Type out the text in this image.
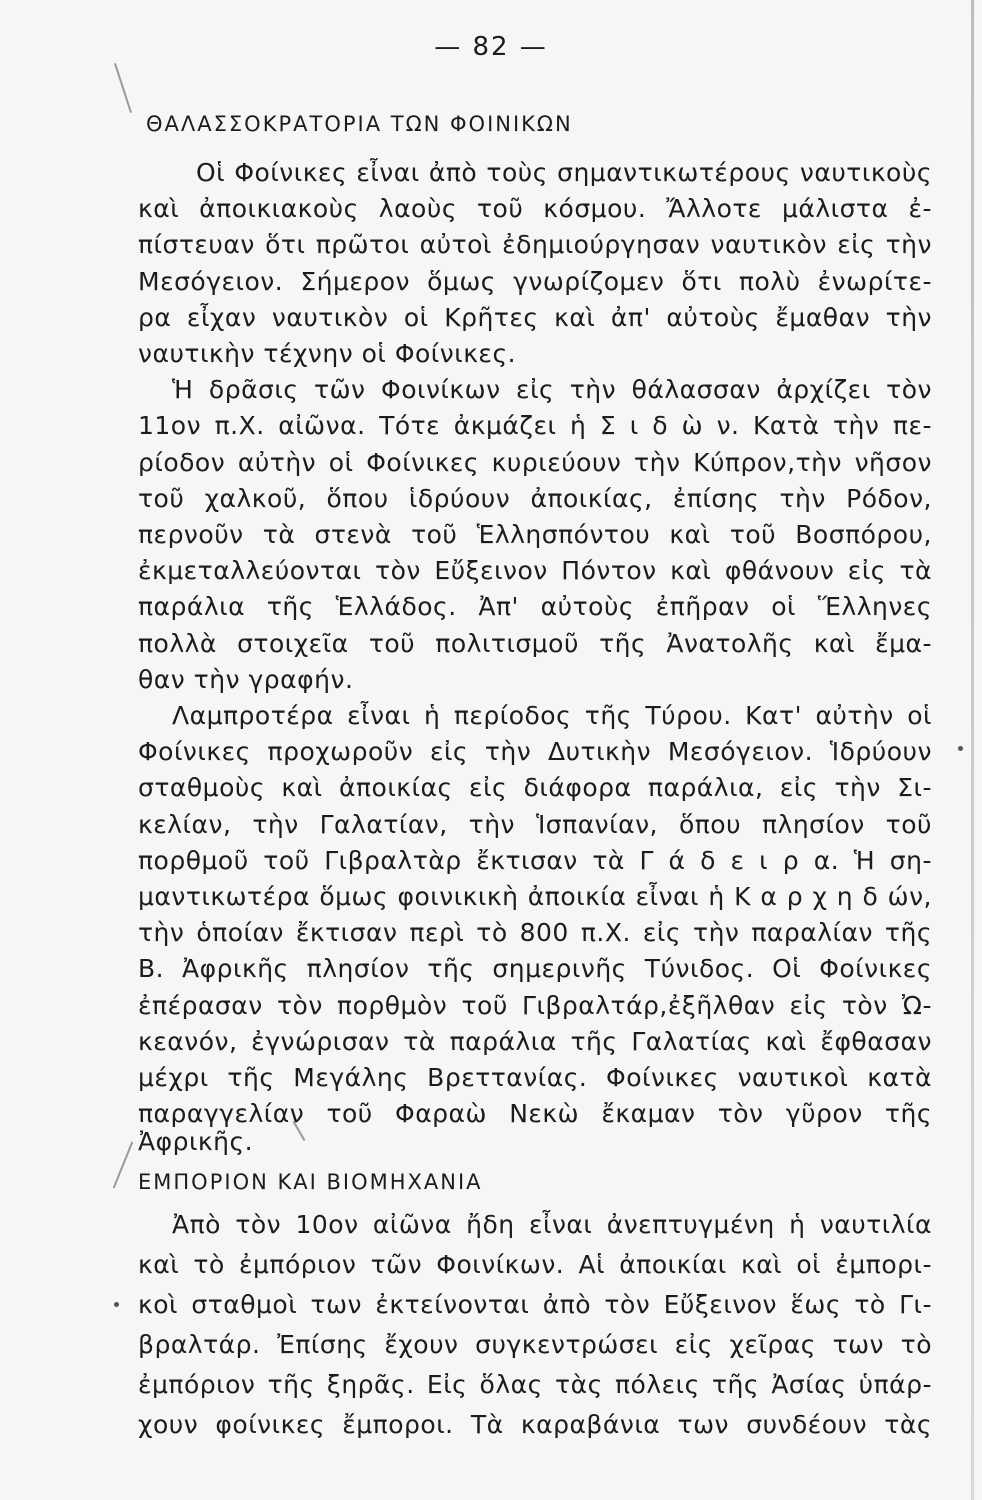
— 82 —
ΘΑΛΑΣΣΟΚΡΑΤΟΡΙΑ ΤΩΝ ΦΟΙΝΙΚΩΝ
Οἱ Φοίνικες εἶναι ἀπὸ τοὺς σημαντικωτέρους ναυτικοὺς
καὶ ἀποικιακοὺς λαοὺς τοῦ κόσμου. Ἄλλοτε μάλιστα ἐ-
πίστευαν ὅτι πρῶτοι αὐτοὶ ἐδημιούργησαν ναυτικὸν εἰς τὴν
Μεσόγειον. Σήμερον ὅμως γνωρίζομεν ὅτι πολὺ ἐνωρίτε-
ρα εἶχαν ναυτικὸν οἱ Κρῆτες καὶ ἀπ' αὐτοὺς ἔμαθαν τὴν
ναυτικὴν τέχνην οἱ Φοίνικες.
Ἡ δρᾶσις τῶν Φοινίκων εἰς τὴν θάλασσαν ἀρχίζει τὸν
11ον π.Χ. αἰῶνα. Τότε ἀκμάζει ἡ Σ ι δ ὼ ν. Κατὰ τὴν πε-
ρίοδον αὐτὴν οἱ Φοίνικες κυριεύουν τὴν Κύπρον,τὴν νῆσον
τοῦ χαλκοῦ, ὅπου ἱδρύουν ἀποικίας, ἐπίσης τὴν Ρόδον,
περνοῦν τὰ στενὰ τοῦ Ἑλλησπόντου καὶ τοῦ Βοσπόρου,
ἐκμεταλλεύονται τὸν Εὔξεινον Πόντον καὶ φθάνουν εἰς τὰ
παράλια τῆς Ἑλλάδος. Ἀπ' αὐτοὺς ἐπῆραν οἱ Ἕλληνες
πολλὰ στοιχεῖα τοῦ πολιτισμοῦ τῆς Ἀνατολῆς καὶ ἔμα-
θαν τὴν γραφήν.
Λαμπροτέρα εἶναι ἡ περίοδος τῆς Τύρου. Κατ' αὐτὴν οἱ
Φοίνικες προχωροῦν εἰς τὴν Δυτικὴν Μεσόγειον. Ἱδρύουν
σταθμοὺς καὶ ἀποικίας εἰς διάφορα παράλια, εἰς τὴν Σι-
κελίαν, τὴν Γαλατίαν, τὴν Ἱσπανίαν, ὅπου πλησίον τοῦ
πορθμοῦ τοῦ Γιβραλτὰρ ἔκτισαν τὰ Γ ά δ ε ι ρ α. Ἡ ση-
μαντικωτέρα ὅμως φοινικικὴ ἀποικία εἶναι ἡ Κ α ρ χ η δ ών,
τὴν ὁποίαν ἔκτισαν περὶ τὸ 800 π.Χ. εἰς τὴν παραλίαν τῆς
Β. Ἀφρικῆς πλησίον τῆς σημερινῆς Τύνιδος. Οἱ Φοίνικες
ἐπέρασαν τὸν πορθμὸν τοῦ Γιβραλτάρ,ἐξῆλθαν εἰς τὸν Ὠ-
κεανόν, ἐγνώρισαν τὰ παράλια τῆς Γαλατίας καὶ ἔφθασαν
μέχρι τῆς Μεγάλης Βρεττανίας. Φοίνικες ναυτικοὶ κατὰ
παραγγελίαν τοῦ Φαραὼ Νεκὼ ἔκαμαν τὸν γῦρον τῆς
Ἀφρικῆς.
ΕΜΠΟΡΙΟΝ ΚΑΙ ΒΙΟΜΗΧΑΝΙΑ
Ἀπὸ τὸν 10ον αἰῶνα ἤδη εἶναι ἀνεπτυγμένη ἡ ναυτιλία
καὶ τὸ ἐμπόριον τῶν Φοινίκων. Αἱ ἀποικίαι καὶ οἱ ἐμπορι-
κοὶ σταθμοὶ των ἐκτείνονται ἀπὸ τὸν Εὔξεινον ἕως τὸ Γι-
βραλτάρ. Ἐπίσης ἔχουν συγκεντρώσει εἰς χεῖρας των τὸ
ἐμπόριον τῆς ξηρᾶς. Εἰς ὅλας τὰς πόλεις τῆς Ἀσίας ὑπάρ-
χουν φοίνικες ἔμποροι. Τὰ καραβάνια των συνδέουν τὰς
